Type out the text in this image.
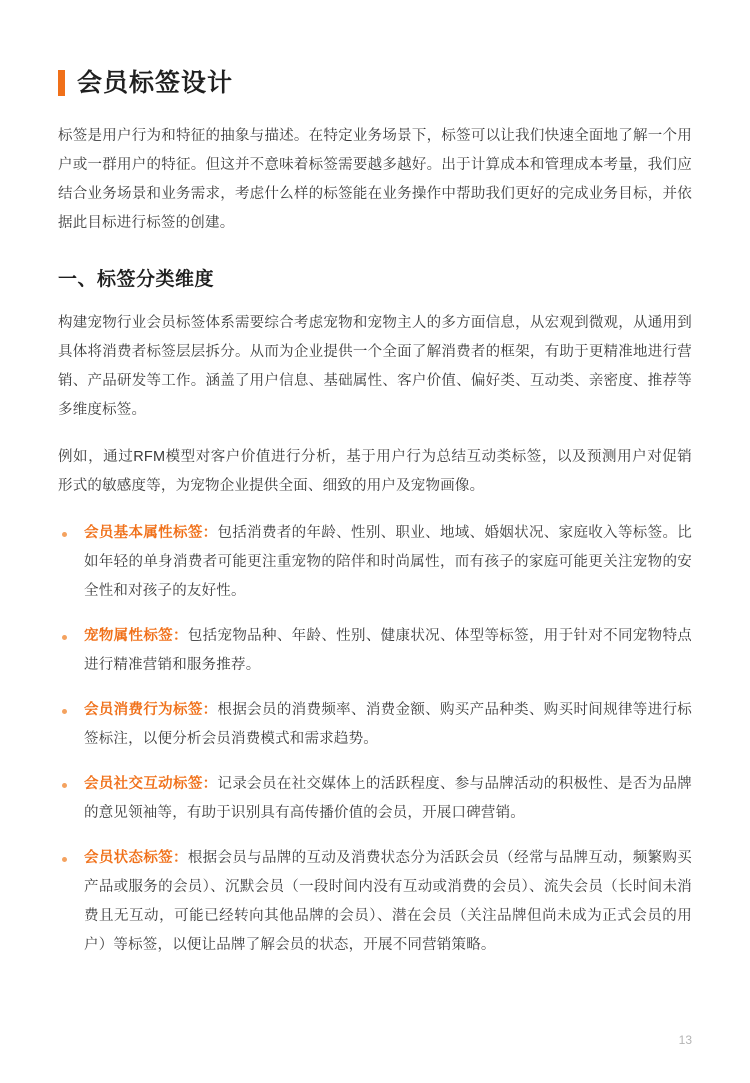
会员标签设计

标签是用户行为和特征的抽象与描述。在特定业务场景下，标签可以让我们快速全面地了解一个用户或一群用户的特征。但这并不意味着标签需要越多越好。出于计算成本和管理成本考量，我们应结合业务场景和业务需求，考虑什么样的标签能在业务操作中帮助我们更好的完成业务目标，并依据此目标进行标签的创建。

一、标签分类维度

构建宠物行业会员标签体系需要综合考虑宠物和宠物主人的多方面信息，从宏观到微观，从通用到具体将消费者标签层层拆分。从而为企业提供一个全面了解消费者的框架，有助于更精准地进行营销、产品研发等工作。涵盖了用户信息、基础属性、客户价值、偏好类、互动类、亲密度、推荐等多维度标签。

例如，通过RFM模型对客户价值进行分析，基于用户行为总结互动类标签，以及预测用户对促销形式的敏感度等，为宠物企业提供全面、细致的用户及宠物画像。

会员基本属性标签：包括消费者的年龄、性别、职业、地域、婚姻状况、家庭收入等标签。比如年轻的单身消费者可能更注重宠物的陪伴和时尚属性，而有孩子的家庭可能更关注宠物的安全性和对孩子的友好性。
宠物属性标签：包括宠物品种、年龄、性别、健康状况、体型等标签，用于针对不同宠物特点进行精准营销和服务推荐。
会员消费行为标签：根据会员的消费频率、消费金额、购买产品种类、购买时间规律等进行标签标注，以便分析会员消费模式和需求趋势。
会员社交互动标签：记录会员在社交媒体上的活跃程度、参与品牌活动的积极性、是否为品牌的意见领袖等，有助于识别具有高传播价值的会员，开展口碑营销。
会员状态标签：根据会员与品牌的互动及消费状态分为活跃会员（经常与品牌互动，频繁购买产品或服务的会员）、沉默会员（一段时间内没有互动或消费的会员）、流失会员（长时间未消费且无互动，可能已经转向其他品牌的会员）、潜在会员（关注品牌但尚未成为正式会员的用户）等标签，以便让品牌了解会员的状态，开展不同营销策略。
13
